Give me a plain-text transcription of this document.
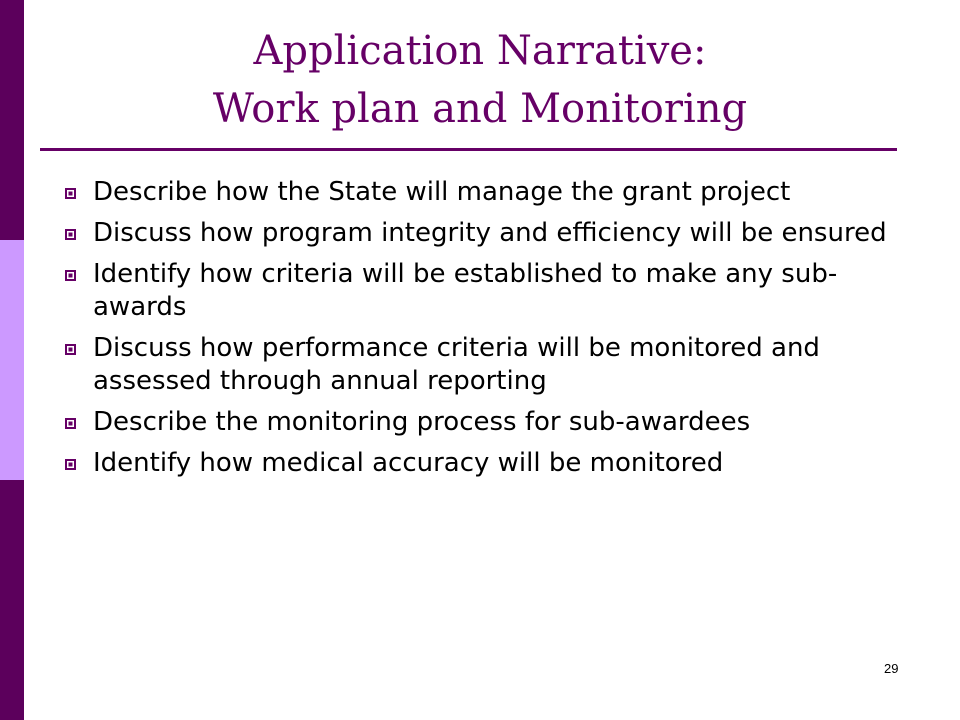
Application Narrative:
Work plan and Monitoring
Describe how the State will manage the grant project
Discuss how program integrity and efficiency will be ensured
Identify how criteria will be established to make any sub-awards
Discuss how performance criteria will be monitored and assessed through annual reporting
Describe the monitoring process for sub-awardees
Identify how medical accuracy will be monitored
29
